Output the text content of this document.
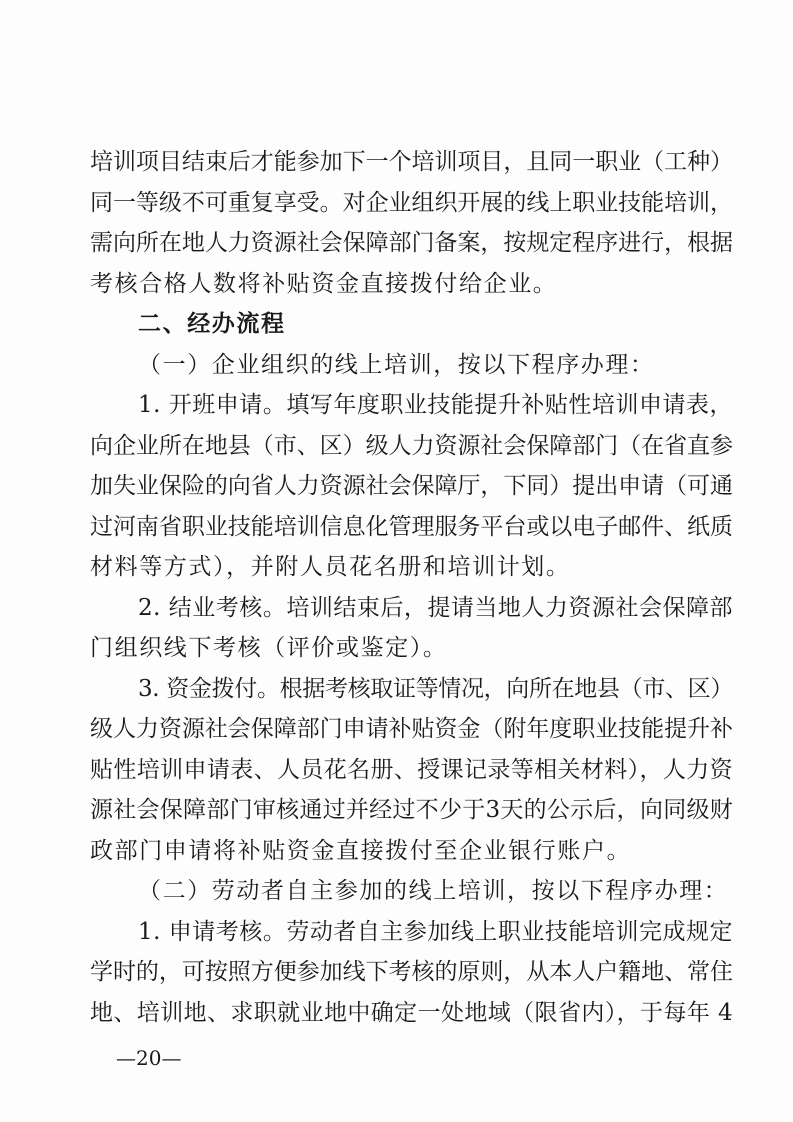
培训项目结束后才能参加下一个培训项目，且同一职业（工种）
同一等级不可重复享受。对企业组织开展的线上职业技能培训，
需向所在地人力资源社会保障部门备案，按规定程序进行，根据
考核合格人数将补贴资金直接拨付给企业。
二、经办流程
（一）企业组织的线上培训，按以下程序办理：
1. 开班申请。填写年度职业技能提升补贴性培训申请表，
向企业所在地县（市、区）级人力资源社会保障部门（在省直参
加失业保险的向省人力资源社会保障厅，下同）提出申请（可通
过河南省职业技能培训信息化管理服务平台或以电子邮件、纸质
材料等方式），并附人员花名册和培训计划。
2. 结业考核。培训结束后，提请当地人力资源社会保障部
门组织线下考核（评价或鉴定）。
3. 资金拨付。根据考核取证等情况，向所在地县（市、区）
级人力资源社会保障部门申请补贴资金（附年度职业技能提升补
贴性培训申请表、人员花名册、授课记录等相关材料），人力资
源社会保障部门审核通过并经过不少于3天的公示后，向同级财
政部门申请将补贴资金直接拨付至企业银行账户。
（二）劳动者自主参加的线上培训，按以下程序办理：
1. 申请考核。劳动者自主参加线上职业技能培训完成规定
学时的，可按照方便参加线下考核的原则，从本人户籍地、常住
地、培训地、求职就业地中确定一处地域（限省内），于每年 4
—20—
